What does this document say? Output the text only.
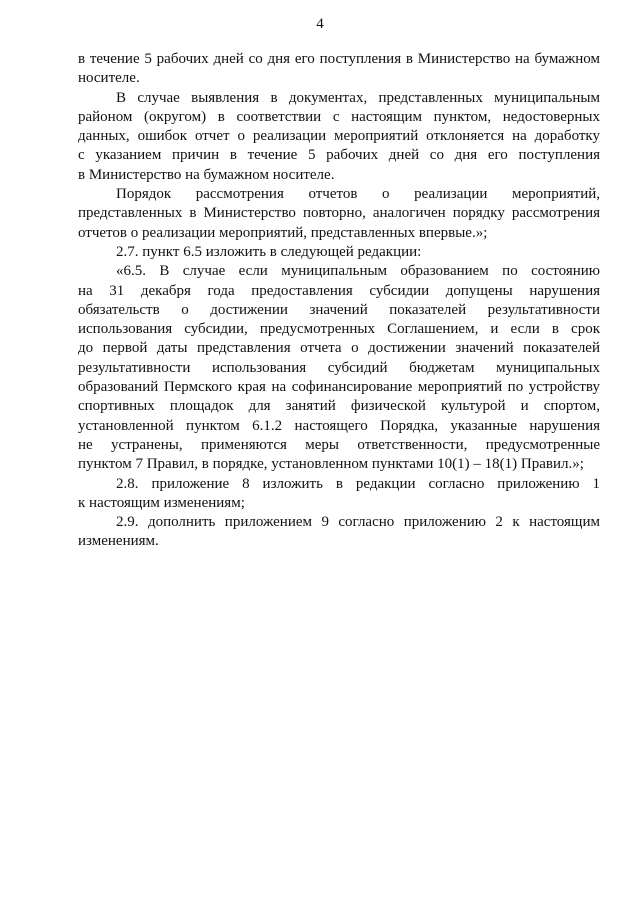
4
в течение 5 рабочих дней со дня его поступления в Министерство на бумажном
носителе.
В случае выявления в документах, представленных муниципальным
районом (округом) в соответствии с настоящим пунктом, недостоверных
данных, ошибок отчет о реализации мероприятий отклоняется на доработку
с указанием причин в течение 5 рабочих дней со дня его поступления
в Министерство на бумажном носителе.
Порядок рассмотрения отчетов о реализации мероприятий,
представленных в Министерство повторно, аналогичен порядку рассмотрения
отчетов о реализации мероприятий, представленных впервые.»;
2.7. пункт 6.5 изложить в следующей редакции:
«6.5. В случае если муниципальным образованием по состоянию
на 31 декабря года предоставления субсидии допущены нарушения
обязательств о достижении значений показателей результативности
использования субсидии, предусмотренных Соглашением, и если в срок
до первой даты представления отчета о достижении значений показателей
результативности использования субсидий бюджетам муниципальных
образований Пермского края на софинансирование мероприятий по устройству
спортивных площадок для занятий физической культурой и спортом,
установленной пунктом 6.1.2 настоящего Порядка, указанные нарушения
не устранены, применяются меры ответственности, предусмотренные
пунктом 7 Правил, в порядке, установленном пунктами 10(1) – 18(1) Правил.»;
2.8. приложение 8 изложить в редакции согласно приложению 1
к настоящим изменениям;
2.9. дополнить приложением 9 согласно приложению 2 к настоящим
изменениям.
